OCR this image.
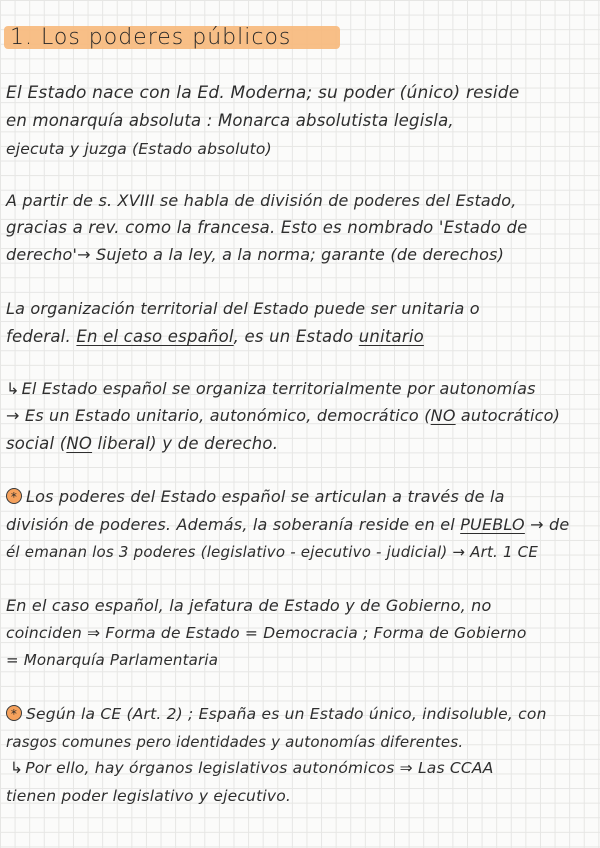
1. Los poderes públicos
El Estado nace con la Ed. Moderna; su poder (único) reside
en monarquía absoluta : Monarca absolutista legisla,
ejecuta y juzga (Estado absoluto)
A partir de s. XVIII se habla de división de poderes del Estado,
gracias a rev. como la francesa. Esto es nombrado 'Estado de
derecho'→ Sujeto a la ley, a la norma; garante (de derechos)
La organización territorial del Estado puede ser unitaria o
federal. En el caso español, es un Estado unitario
↳ El Estado español se organiza territorialmente por autonomías
→ Es un Estado unitario, autonómico, democrático (NO autocrático)
social (NO liberal) y de derecho.
* Los poderes del Estado español se articulan a través de la
división de poderes. Además, la soberanía reside en el PUEBLO → de
él emanan los 3 poderes (legislativo - ejecutivo - judicial) → Art. 1 CE
En el caso español, la jefatura de Estado y de Gobierno, no
coinciden ⇒ Forma de Estado = Democracia ; Forma de Gobierno
= Monarquía Parlamentaria
* Según la CE (Art. 2) ; España es un Estado único, indisoluble, con
rasgos comunes pero identidades y autonomías diferentes.
↳ Por ello, hay órganos legislativos autonómicos ⇒ Las CCAA
tienen poder legislativo y ejecutivo.
